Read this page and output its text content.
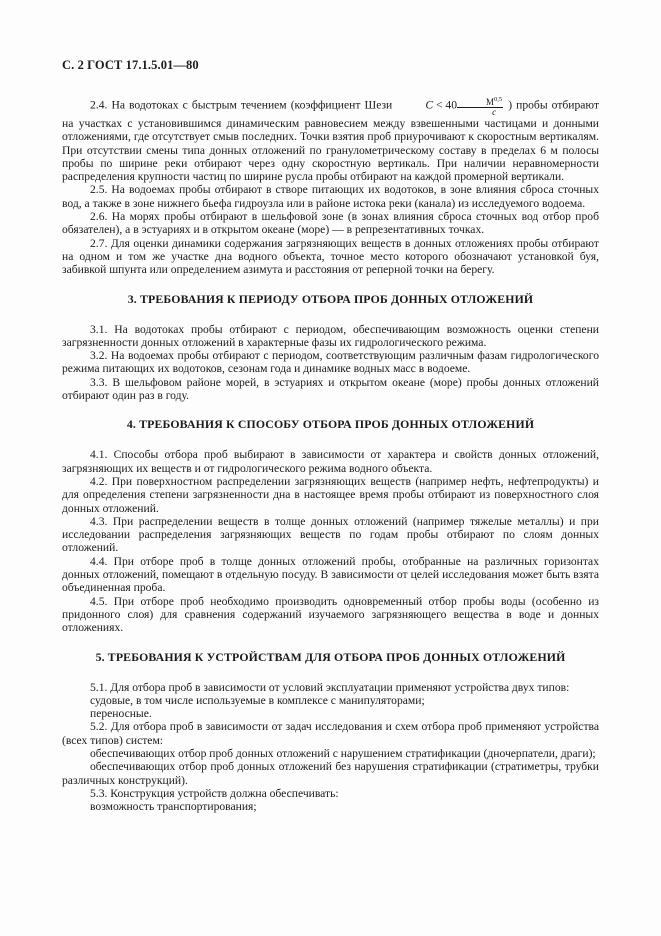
С. 2 ГОСТ 17.1.5.01—80

2.4. На водотоках с быстрым течением (коэффициент Шези	$C < 40 \frac{M^{0,5}}{c}$ ) пробы отбирают на участках с установившимся динамическим равновесием между взвешенными частицами и донными отложениями, где отсутствует смыв последних. Точки взятия проб приурочивают к скоростным вертикалям. При отсутствии смены типа донных отложений по гранулометрическому составу в пределах 6 м полосы пробы по ширине реки отбирают через одну скоростную вертикаль. При наличии неравномерности распределения крупности частиц по ширине русла пробы отбирают на каждой промерной вертикали.

2.5. На водоемах пробы отбирают в створе питающих их водотоков, в зоне влияния сброса сточных вод, а также в зоне нижнего бьефа гидроузла или в районе истока реки (канала) из исследуемого водоема.

2.6. На морях пробы отбирают в шельфовой зоне (в зонах влияния сброса сточных вод отбор проб обязателен), а в эстуариях и в открытом океане (море) — в репрезентативных точках.

2.7. Для оценки динамики содержания загрязняющих веществ в донных отложениях пробы отбирают на одном и том же участке дна водного объекта, точное место которого обозначают установкой буя, забивкой шпунта или определением азимута и расстояния от реперной точки на берегу.

3. ТРЕБОВАНИЯ К ПЕРИОДУ ОТБОРА ПРОБ ДОННЫХ ОТЛОЖЕНИЙ

3.1. На водотоках пробы отбирают с периодом, обеспечивающим возможность оценки степени загрязненности донных отложений в характерные фазы их гидрологического режима.

3.2. На водоемах пробы отбирают с периодом, соответствующим различным фазам гидрологического режима питающих их водотоков, сезонам года и динамике водных масс в водоеме.

3.3. В шельфовом районе морей, в эстуариях и открытом океане (море) пробы донных отложений отбирают один раз в году.

4. ТРЕБОВАНИЯ К СПОСОБУ ОТБОРА ПРОБ ДОННЫХ ОТЛОЖЕНИЙ

4.1. Способы отбора проб выбирают в зависимости от характера и свойств донных отложений, загрязняющих их веществ и от гидрологического режима водного объекта.

4.2. При поверхностном распределении загрязняющих веществ (например нефть, нефтепродукты) и для определения степени загрязненности дна в настоящее время пробы отбирают из поверхностного слоя донных отложений.

4.3. При распределении веществ в толще донных отложений (например тяжелые металлы) и при исследовании распределения загрязняющих веществ по годам пробы отбирают по слоям донных отложений.

4.4. При отборе проб в толще донных отложений пробы, отобранные на различных горизонтах донных отложений, помещают в отдельную посуду. В зависимости от целей исследования может быть взята объединенная проба.

4.5. При отборе проб необходимо производить одновременный отбор пробы воды (особенно из придонного слоя) для сравнения содержаний изучаемого загрязняющего вещества в воде и донных отложениях.

5. ТРЕБОВАНИЯ К УСТРОЙСТВАМ ДЛЯ ОТБОРА ПРОБ ДОННЫХ ОТЛОЖЕНИЙ

5.1. Для отбора проб в зависимости от условий эксплуатации применяют устройства двух типов:

судовые, в том числе используемые в комплексе с манипуляторами;

переносные.

5.2. Для отбора проб в зависимости от задач исследования и схем отбора проб применяют устройства (всех типов) систем:

обеспечивающих отбор проб донных отложений с нарушением стратификации (дночерпатели, драги);

обеспечивающих отбор проб донных отложений без нарушения стратификации (стратиметры, трубки различных конструкций).

5.3. Конструкция устройств должна обеспечивать:

возможность транспортирования;
